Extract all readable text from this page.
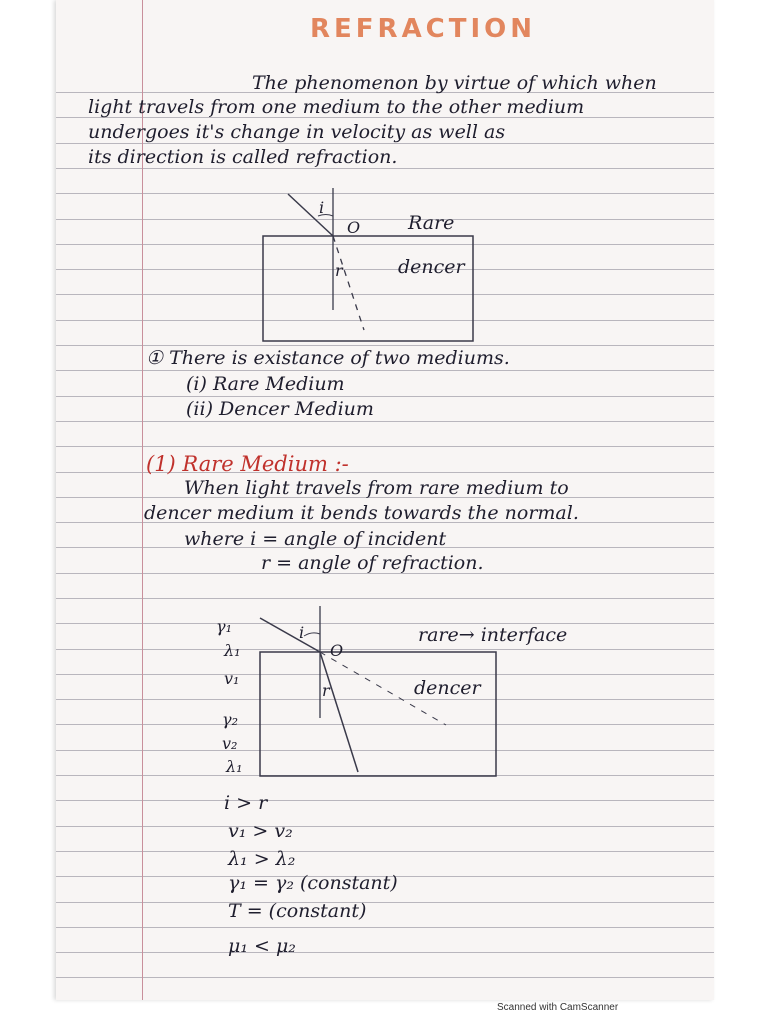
REFRACTION
The phenomenon by virtue of which when
light travels from one medium to the other medium
undergoes it's change in velocity as well as
its direction is called refraction.
i
O
r
Rare
dencer
① There is existance of two mediums.
(i) Rare Medium
(ii) Dencer Medium
(1) Rare Medium :-
When light travels from rare medium to
dencer medium it bends towards the normal.
where i = angle of incident
r = angle of refraction.
i
O
r
rare→ interface
dencer
γ₁
λ₁
v₁
γ₂
v₂
λ₁
i > r
v₁ > v₂
λ₁ > λ₂
γ₁ = γ₂ (constant)
T = (constant)
μ₁ < μ₂
Scanned with CamScanner
